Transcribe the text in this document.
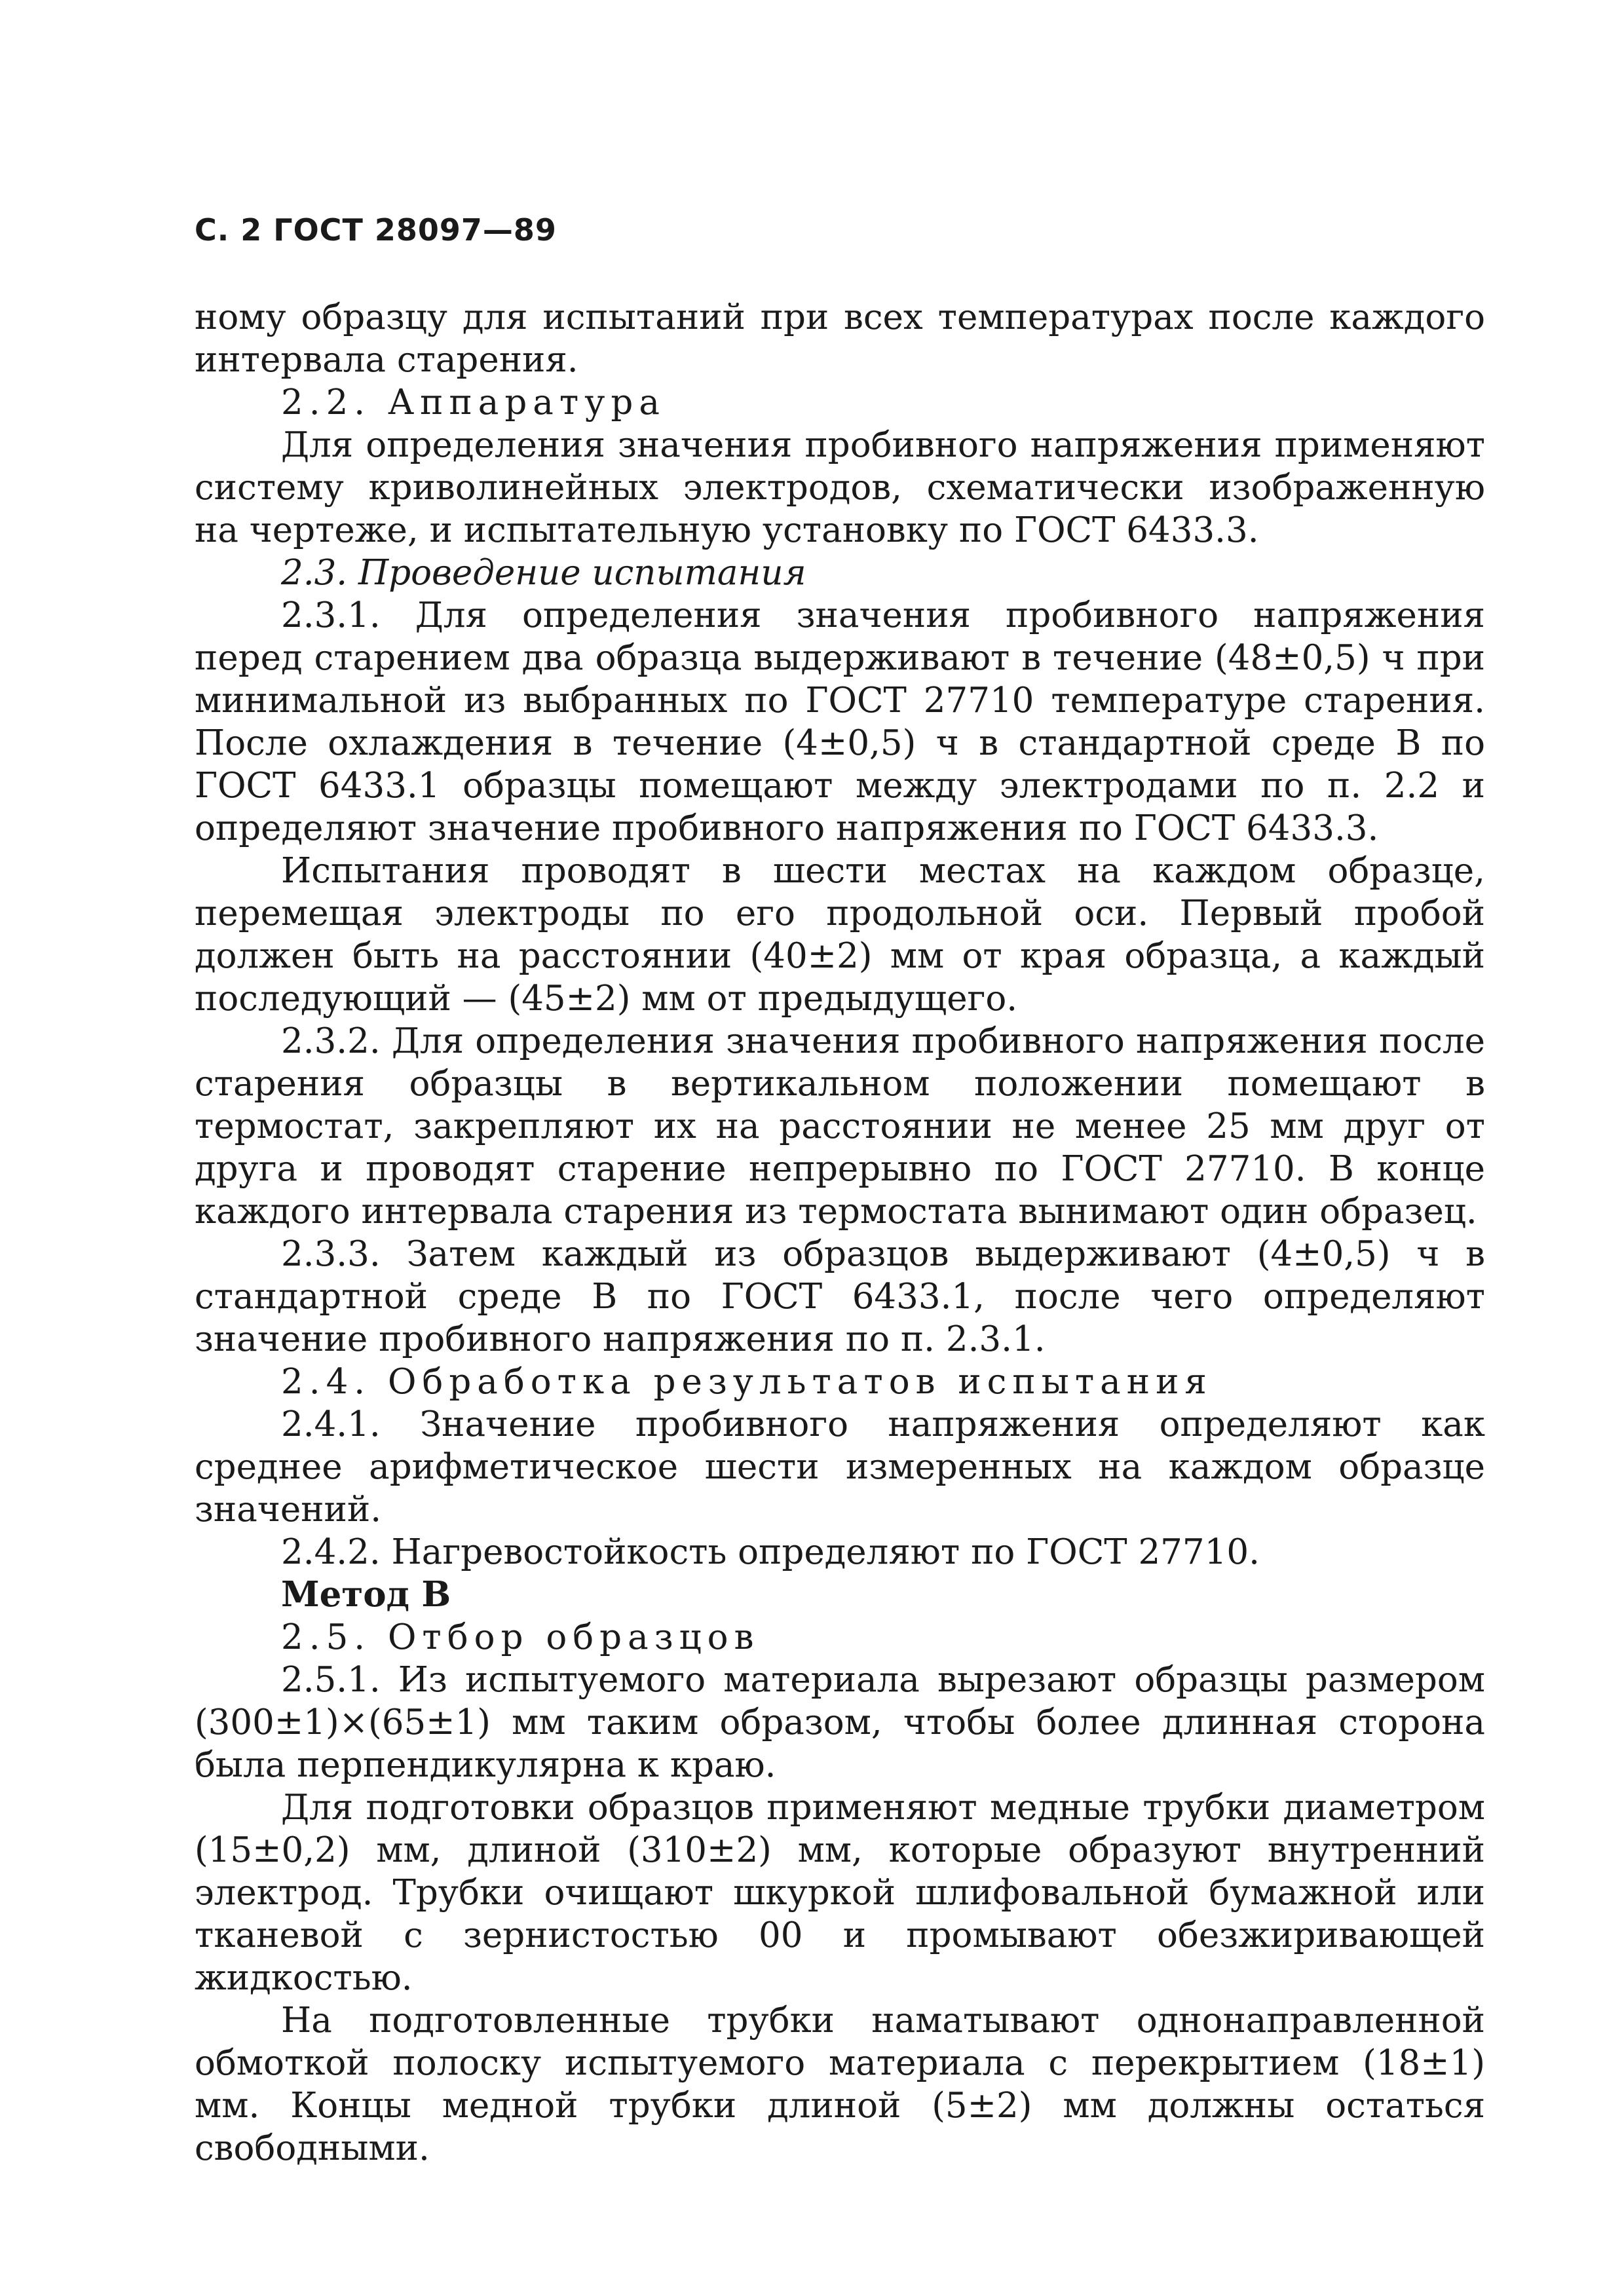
С. 2 ГОСТ 28097—89

ному образцу для испытаний при всех температурах после каждого интервала старения.

2.2. Аппаратура

Для определения значения пробивного напряжения применяют систему криволинейных электродов, схематически изображенную на чертеже, и испытательную установку по ГОСТ 6433.3.

2.3. Проведение испытания

2.3.1. Для определения значения пробивного напряжения перед старением два образца выдерживают в течение (48±0,5) ч при минимальной из выбранных по ГОСТ 27710 температуре старения. После охлаждения в течение (4±0,5) ч в стандартной среде В по ГОСТ 6433.1 образцы помещают между электродами по п. 2.2 и определяют значение пробивного напряжения по ГОСТ 6433.3.

Испытания проводят в шести местах на каждом образце, перемещая электроды по его продольной оси. Первый пробой должен быть на расстоянии (40±2) мм от края образца, а каждый последующий — (45±2) мм от предыдущего.

2.3.2. Для определения значения пробивного напряжения после старения образцы в вертикальном положении помещают в термостат, закрепляют их на расстоянии не менее 25 мм друг от друга и проводят старение непрерывно по ГОСТ 27710. В конце каждого интервала старения из термостата вынимают один образец.

2.3.3. Затем каждый из образцов выдерживают (4±0,5) ч в стандартной среде В по ГОСТ 6433.1, после чего определяют значение пробивного напряжения по п. 2.3.1.

2.4. Обработка результатов испытания

2.4.1. Значение пробивного напряжения определяют как среднее арифметическое шести измеренных на каждом образце значений.

2.4.2. Нагревостойкость определяют по ГОСТ 27710.

Метод В

2.5. Отбор образцов

2.5.1. Из испытуемого материала вырезают образцы размером (300±1)×(65±1) мм таким образом, чтобы более длинная сторона была перпендикулярна к краю.

Для подготовки образцов применяют медные трубки диаметром (15±0,2) мм, длиной (310±2) мм, которые образуют внутренний электрод. Трубки очищают шкуркой шлифовальной бумажной или тканевой с зернистостью 00 и промывают обезжиривающей жидкостью.

На подготовленные трубки наматывают однонаправленной обмоткой полоску испытуемого материала с перекрытием (18±1) мм. Концы медной трубки длиной (5±2) мм должны остаться свободными.
